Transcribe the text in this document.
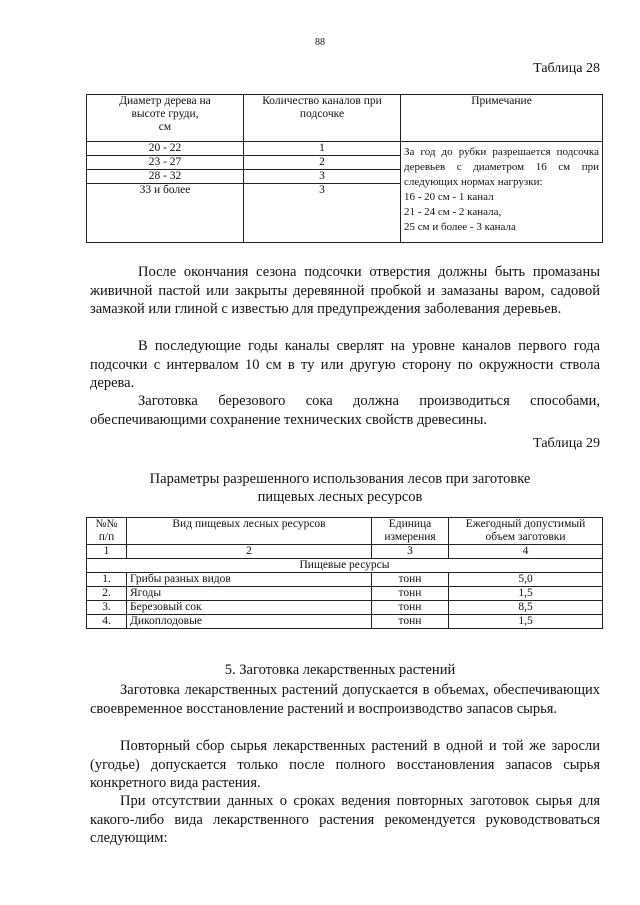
88
Таблица 28
Диаметр дерева на
высоте груди,
см	Количество каналов при
подсочке	Примечание
20 - 22	1	За год до рубки разрешается подсочка деревьев с диаметром 16 см при следующих нормах нагрузки:
16 - 20 см - 1 канал
21 - 24 см - 2 канала,
25 см и более - 3 канала
23 - 27	2	
28 - 32	3	
33 и более	3	

После окончания сезона подсочки отверстия должны быть промазаны живичной пастой или закрыты деревянной пробкой и замазаны варом, садовой замазкой или глиной с известью для предупреждения заболевания деревьев.

В последующие годы каналы сверлят на уровне каналов первого года подсочки с интервалом 10 см в ту или другую сторону по окружности ствола дерева.

Заготовка березового сока должна производиться способами, обеспечивающими сохранение технических свойств древесины.

Таблица 29
Параметры разрешенного использования лесов при заготовке
пищевых лесных ресурсов
№№
п/п	Вид пищевых лесных ресурсов	Единица
измерения	Ежегодный допустимый
объем заготовки
1	2	3	4
Пищевые ресурсы			
1.	Грибы разных видов	тонн	5,0
2.	Ягоды	тонн	1,5
3.	Березовый сок	тонн	8,5
4.	Дикоплодовые	тонн	1,5
5. Заготовка лекарственных растений

Заготовка лекарственных растений допускается в объемах, обеспечивающих своевременное восстановление растений и воспроизводство запасов сырья.

Повторный сбор сырья лекарственных растений в одной и той же заросли (угодье) допускается только после полного восстановления запасов сырья конкретного вида растения.

При отсутствии данных о сроках ведения повторных заготовок сырья для какого-либо вида лекарственного растения рекомендуется руководствоваться следующим:
